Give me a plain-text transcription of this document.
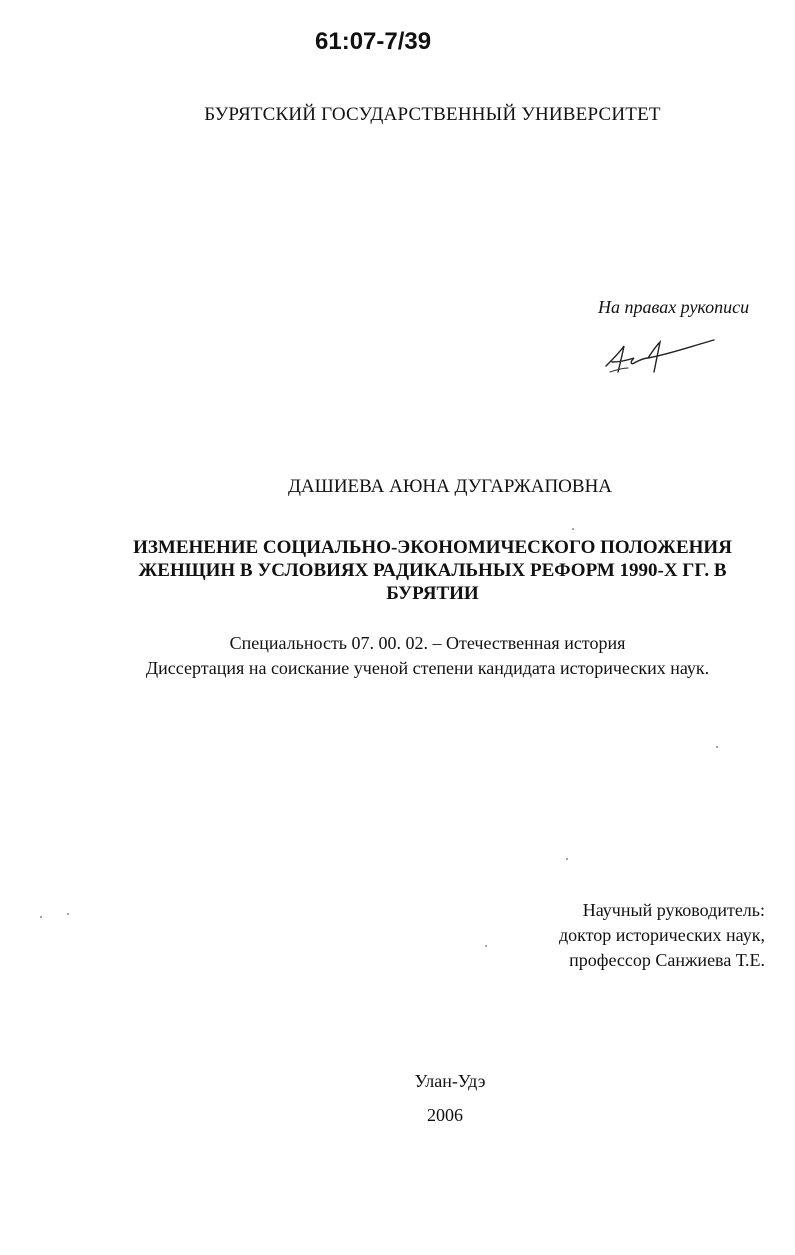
61:07-7/39
БУРЯТСКИЙ ГОСУДАРСТВЕННЫЙ УНИВЕРСИТЕТ
На правах рукописи
ДАШИЕВА АЮНА ДУГАРЖАПОВНА
ИЗМЕНЕНИЕ СОЦИАЛЬНО-ЭКОНОМИЧЕСКОГО ПОЛОЖЕНИЯ
ЖЕНЩИН В УСЛОВИЯХ РАДИКАЛЬНЫХ РЕФОРМ 1990-Х ГГ. В
БУРЯТИИ
Специальность 07. 00. 02. – Отечественная история
Диссертация на соискание ученой степени кандидата исторических наук.
Научный руководитель:
доктор исторических наук,
профессор Санжиева Т.Е.
Улан-Удэ
2006
